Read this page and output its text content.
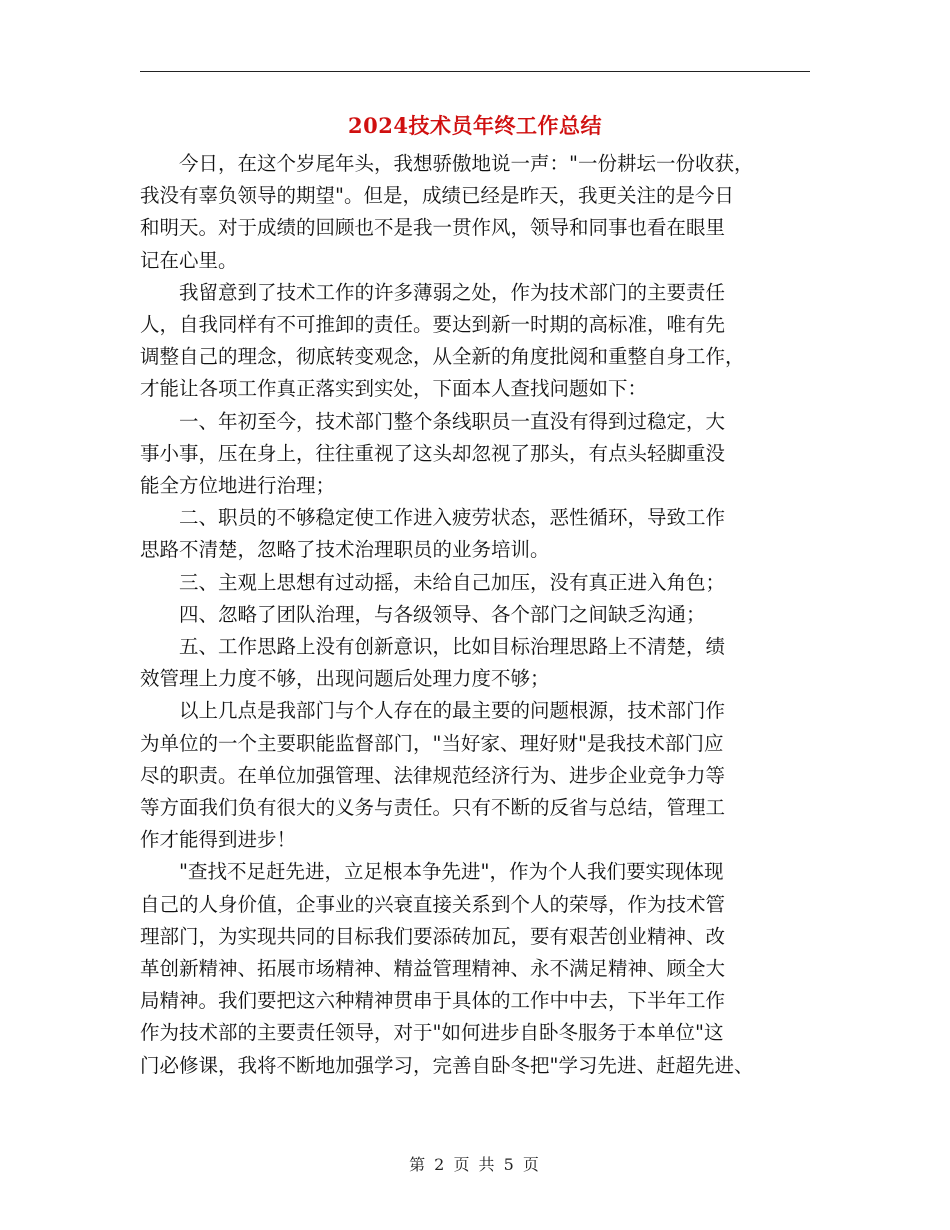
2024技术员年终工作总结

今日，在这个岁尾年头，我想骄傲地说一声："一份耕坛一份收获，
我没有辜负领导的期望"。但是，成绩已经是昨天，我更关注的是今日
和明天。对于成绩的回顾也不是我一贯作风，领导和同事也看在眼里
记在心里。

我留意到了技术工作的许多薄弱之处，作为技术部门的主要责任
人，自我同样有不可推卸的责任。要达到新一时期的高标准，唯有先
调整自己的理念，彻底转变观念，从全新的角度批阅和重整自身工作，
才能让各项工作真正落实到实处，下面本人查找问题如下：

一、年初至今，技术部门整个条线职员一直没有得到过稳定，大
事小事，压在身上，往往重视了这头却忽视了那头，有点头轻脚重没
能全方位地进行治理；

二、职员的不够稳定使工作进入疲劳状态，恶性循环，导致工作
思路不清楚，忽略了技术治理职员的业务培训。

三、主观上思想有过动摇，未给自己加压，没有真正进入角色；

四、忽略了团队治理，与各级领导、各个部门之间缺乏沟通；

五、工作思路上没有创新意识，比如目标治理思路上不清楚，绩
效管理上力度不够，出现问题后处理力度不够；

以上几点是我部门与个人存在的最主要的问题根源，技术部门作
为单位的一个主要职能监督部门，"当好家、理好财"是我技术部门应
尽的职责。在单位加强管理、法律规范经济行为、进步企业竞争力等
等方面我们负有很大的义务与责任。只有不断的反省与总结，管理工
作才能得到进步！

"查找不足赶先进，立足根本争先进"，作为个人我们要实现体现
自己的人身价值，企事业的兴衰直接关系到个人的荣辱，作为技术管
理部门，为实现共同的目标我们要添砖加瓦，要有艰苦创业精神、改
革创新精神、拓展市场精神、精益管理精神、永不满足精神、顾全大
局精神。我们要把这六种精神贯串于具体的工作中中去，下半年工作
作为技术部的主要责任领导，对于"如何进步自卧冬服务于本单位"这
门必修课，我将不断地加强学习，完善自卧冬把"学习先进、赶超先进、

第 2 页 共 5 页
